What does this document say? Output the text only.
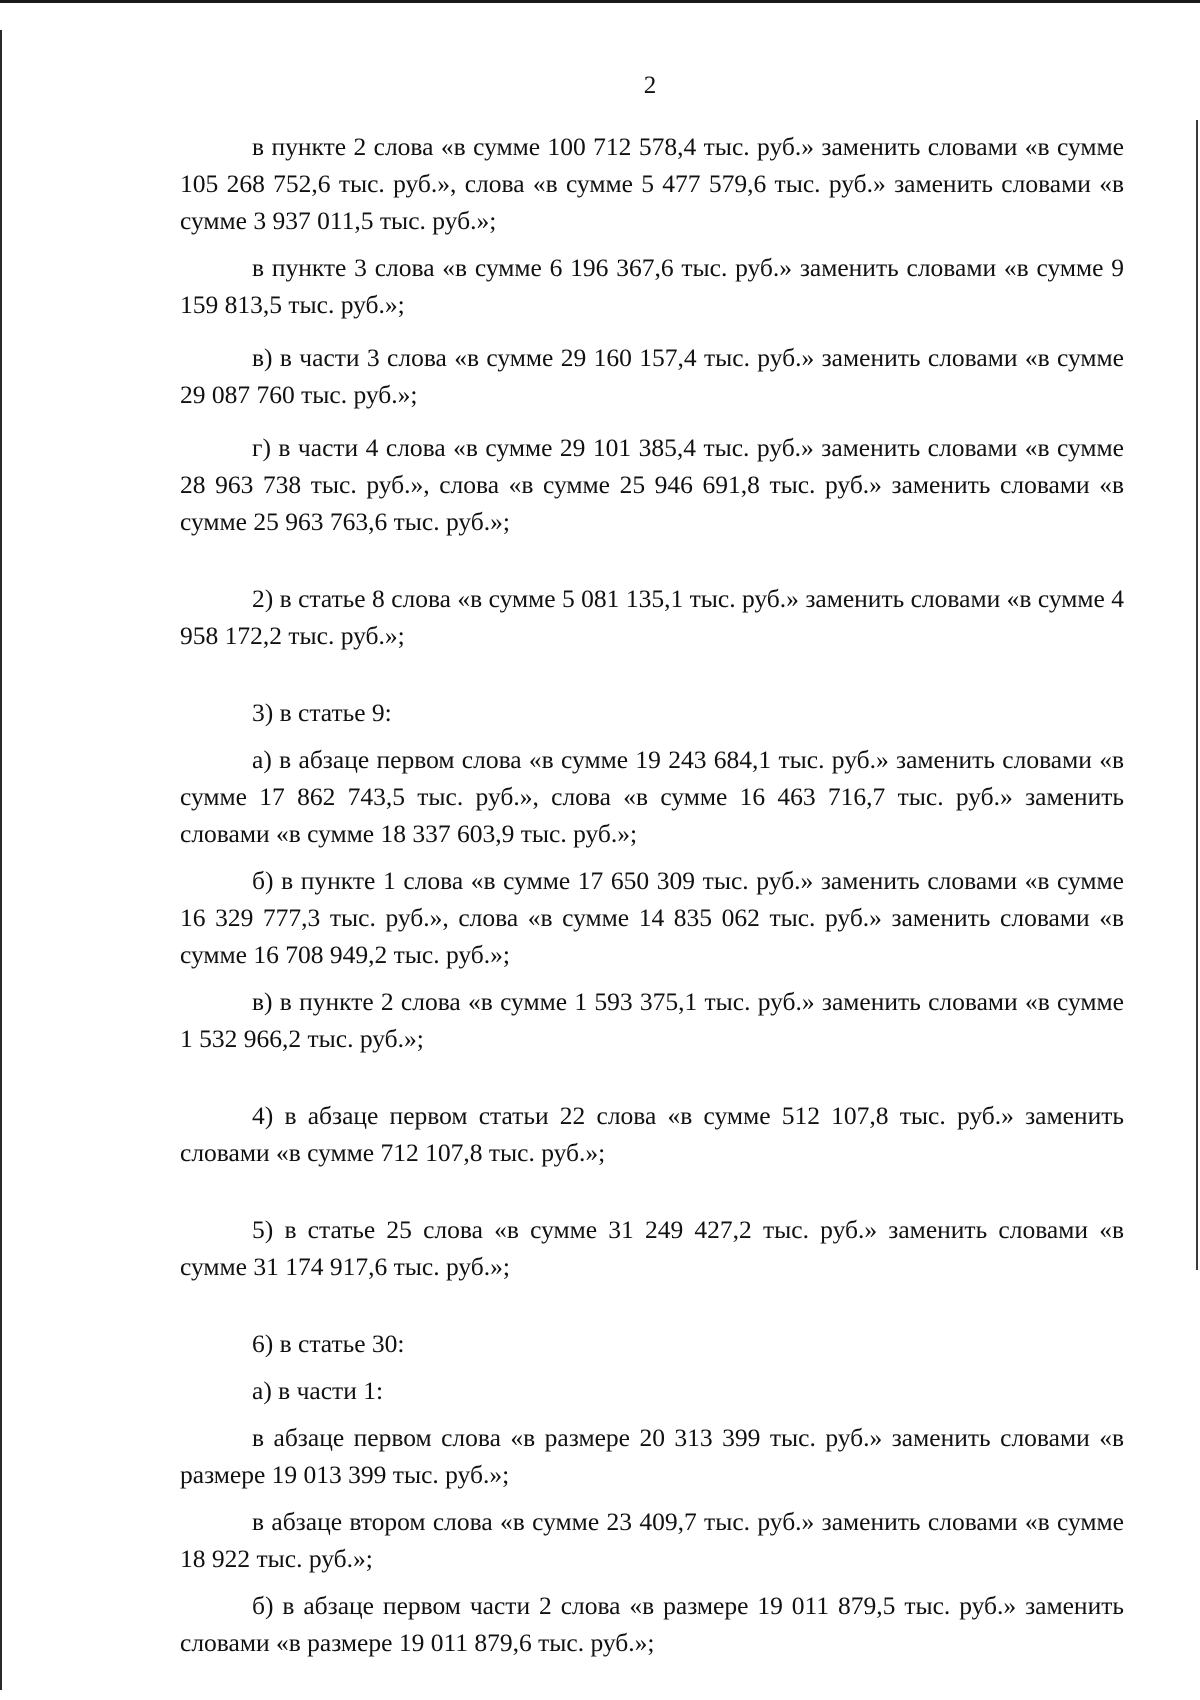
2

в пункте 2 слова «в сумме 100 712 578,4 тыс. руб.» заменить словами «в сумме 105 268 752,6 тыс. руб.», слова «в сумме 5 477 579,6 тыс. руб.» заменить словами «в сумме 3 937 011,5 тыс. руб.»;

в пункте 3 слова «в сумме 6 196 367,6 тыс. руб.» заменить словами «в сумме 9 159 813,5 тыс. руб.»;

в) в части 3 слова «в сумме 29 160 157,4 тыс. руб.» заменить словами «в сумме 29 087 760 тыс. руб.»;

г) в части 4 слова «в сумме 29 101 385,4 тыс. руб.» заменить словами «в сумме 28 963 738 тыс. руб.», слова «в сумме 25 946 691,8 тыс. руб.» заменить словами «в сумме 25 963 763,6 тыс. руб.»;

2) в статье 8 слова «в сумме 5 081 135,1 тыс. руб.» заменить словами «в сумме 4 958 172,2 тыс. руб.»;

3) в статье 9:

а) в абзаце первом слова «в сумме 19 243 684,1 тыс. руб.» заменить словами «в сумме 17 862 743,5 тыс. руб.», слова «в сумме 16 463 716,7 тыс. руб.» заменить словами «в сумме 18 337 603,9 тыс. руб.»;

б) в пункте 1 слова «в сумме 17 650 309 тыс. руб.» заменить словами «в сумме 16 329 777,3 тыс. руб.», слова «в сумме 14 835 062 тыс. руб.» заменить словами «в сумме 16 708 949,2 тыс. руб.»;

в) в пункте 2 слова «в сумме 1 593 375,1 тыс. руб.» заменить словами «в сумме 1 532 966,2 тыс. руб.»;

4) в абзаце первом статьи 22 слова «в сумме 512 107,8 тыс. руб.» заменить словами «в сумме 712 107,8 тыс. руб.»;

5) в статье 25 слова «в сумме 31 249 427,2 тыс. руб.» заменить словами «в сумме 31 174 917,6 тыс. руб.»;

6) в статье 30:

а) в части 1:

в абзаце первом слова «в размере 20 313 399 тыс. руб.» заменить словами «в размере 19 013 399 тыс. руб.»;

в абзаце втором слова «в сумме 23 409,7 тыс. руб.» заменить словами «в сумме 18 922 тыс. руб.»;

б) в абзаце первом части 2 слова «в размере 19 011 879,5 тыс. руб.» заменить словами «в размере 19 011 879,6 тыс. руб.»;
